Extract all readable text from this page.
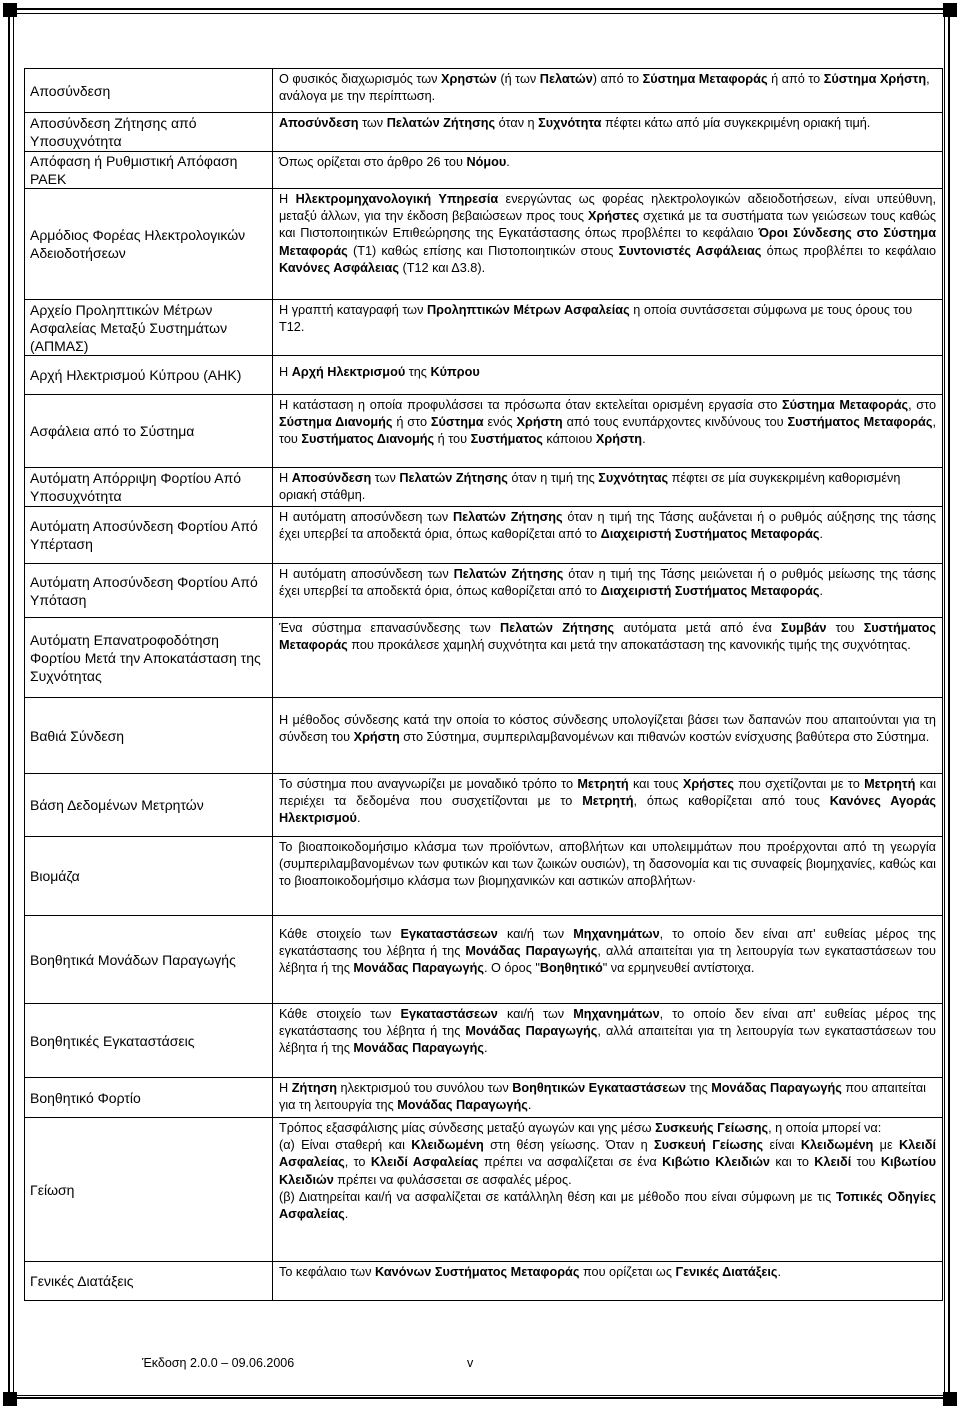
Αποσύνδεση	Ο φυσικός διαχωρισμός των Χρηστών (ή των Πελατών) από το Σύστημα Μεταφοράς ή από το Σύστημα Χρήστη, ανάλογα με την περίπτωση.

Αποσύνδεση Ζήτησης από Υποσυχνότητα	Αποσύνδεση των Πελατών Ζήτησης όταν η Συχνότητα πέφτει κάτω από μία συγκεκριμένη οριακή τιμή.

Απόφαση ή Ρυθμιστική Απόφαση ΡΑΕΚ	Όπως ορίζεται στο άρθρο 26 του Νόμου.

Αρμόδιος Φορέας Ηλεκτρολογικών Αδειοδοτήσεων	Η Ηλεκτρομηχανολογική Υπηρεσία ενεργώντας ως φορέας ηλεκτρολογικών αδειοδοτήσεων, είναι υπεύθυνη, μεταξύ άλλων, για την έκδοση βεβαιώσεων προς τους Χρήστες σχετικά με τα συστήματα των γειώσεων τους καθώς και Πιστοποιητικών Επιθεώρησης της Εγκατάστασης όπως προβλέπει το κεφάλαιο Όροι Σύνδεσης στο Σύστημα Μεταφοράς (Τ1) καθώς επίσης και Πιστοποιητικών στους Συντονιστές Ασφάλειας όπως προβλέπει το κεφάλαιο Κανόνες Ασφάλειας (Τ12 και Δ3.8).

Αρχείο Προληπτικών Μέτρων Ασφαλείας Μεταξύ Συστημάτων (ΑΠΜΑΣ)	Η γραπτή καταγραφή των Προληπτικών Μέτρων Ασφαλείας η οποία συντάσσεται σύμφωνα με τους όρους του Τ12.

Αρχή Ηλεκτρισμού Κύπρου (ΑΗΚ)	Η Αρχή Ηλεκτρισμού της Κύπρου

Ασφάλεια από το Σύστημα	Η κατάσταση η οποία προφυλάσσει τα πρόσωπα όταν εκτελείται ορισμένη εργασία στο Σύστημα Μεταφοράς, στο Σύστημα Διανομής ή στο Σύστημα ενός Χρήστη από τους ενυπάρχοντες κινδύνους του Συστήματος Μεταφοράς, του Συστήματος Διανομής ή του Συστήματος κάποιου Χρήστη.

Αυτόματη Απόρριψη Φορτίου Από Υποσυχνότητα	Η Αποσύνδεση των Πελατών Ζήτησης όταν η τιμή της Συχνότητας πέφτει σε μία συγκεκριμένη καθορισμένη οριακή στάθμη.

Αυτόματη Αποσύνδεση Φορτίου Από Υπέρταση	Η αυτόματη αποσύνδεση των Πελατών Ζήτησης όταν η τιμή της Τάσης αυξάνεται ή ο ρυθμός αύξησης της τάσης έχει υπερβεί τα αποδεκτά όρια, όπως καθορίζεται από το Διαχειριστή Συστήματος Μεταφοράς.

Αυτόματη Αποσύνδεση Φορτίου Από Υπόταση	Η αυτόματη αποσύνδεση των Πελατών Ζήτησης όταν η τιμή της Τάσης μειώνεται ή ο ρυθμός μείωσης της τάσης έχει υπερβεί τα αποδεκτά όρια, όπως καθορίζεται από το Διαχειριστή Συστήματος Μεταφοράς.

Αυτόματη Επανατροφοδότηση Φορτίου Μετά την Αποκατάσταση της Συχνότητας	Ένα σύστημα επανασύνδεσης των Πελατών Ζήτησης αυτόματα μετά από ένα Συμβάν του Συστήματος Μεταφοράς που προκάλεσε χαμηλή συχνότητα και μετά την αποκατάσταση της κανονικής τιμής της συχνότητας.

Βαθιά Σύνδεση	Η μέθοδος σύνδεσης κατά την οποία το κόστος σύνδεσης υπολογίζεται βάσει των δαπανών που απαιτούνται για τη σύνδεση του Χρήστη στο Σύστημα, συμπεριλαμβανομένων και πιθανών κοστών ενίσχυσης βαθύτερα στο Σύστημα.

Βάση Δεδομένων Μετρητών	Το σύστημα που αναγνωρίζει με μοναδικό τρόπο το Μετρητή και τους Χρήστες που σχετίζονται με το Μετρητή και περιέχει τα δεδομένα που συσχετίζονται με το Μετρητή, όπως καθορίζεται από τους Κανόνες Αγοράς Ηλεκτρισμού.

Βιομάζα	Το βιοαποικοδομήσιμο κλάσμα των προϊόντων, αποβλήτων και υπολειμμάτων που προέρχονται από τη γεωργία (συμπεριλαμβανομένων των φυτικών και των ζωικών ουσιών), τη δασονομία και τις συναφείς βιομηχανίες, καθώς και το βιοαποικοδομήσιμο κλάσμα των βιομηχανικών και αστικών αποβλήτων·

Βοηθητικά Μονάδων Παραγωγής	Κάθε στοιχείο των Εγκαταστάσεων και/ή των Μηχανημάτων, το οποίο δεν είναι απ' ευθείας μέρος της εγκατάστασης του λέβητα ή της Μονάδας Παραγωγής, αλλά απαιτείται για τη λειτουργία των εγκαταστάσεων του λέβητα ή της Μονάδας Παραγωγής. Ο όρος "Βοηθητικό" να ερμηνευθεί αντίστοιχα.

Βοηθητικές Εγκαταστάσεις	Κάθε στοιχείο των Εγκαταστάσεων και/ή των Μηχανημάτων, το οποίο δεν είναι απ' ευθείας μέρος της εγκατάστασης του λέβητα ή της Μονάδας Παραγωγής, αλλά απαιτείται για τη λειτουργία των εγκαταστάσεων του λέβητα ή της Μονάδας Παραγωγής.

Βοηθητικό Φορτίο	Η Ζήτηση ηλεκτρισμού του συνόλου των Βοηθητικών Εγκαταστάσεων της Μονάδας Παραγωγής που απαιτείται για τη λειτουργία της Μονάδας Παραγωγής.

Γείωση	Τρόπος εξασφάλισης μίας σύνδεσης μεταξύ αγωγών και γης μέσω Συσκευής Γείωσης, η οποία μπορεί να:

(α) Είναι σταθερή και Κλειδωμένη στη θέση γείωσης. Όταν η Συσκευή Γείωσης είναι Κλειδωμένη με Κλειδί Ασφαλείας, το Κλειδί Ασφαλείας πρέπει να ασφαλίζεται σε ένα Κιβώτιο Κλειδιών και το Κλειδί του Κιβωτίου Κλειδιών πρέπει να φυλάσσεται σε ασφαλές μέρος.

(β) Διατηρείται και/ή να ασφαλίζεται σε κατάλληλη θέση και με μέθοδο που είναι σύμφωνη με τις Τοπικές Οδηγίες Ασφαλείας.

Γενικές Διατάξεις	Το κεφάλαιο των Κανόνων Συστήματος Μεταφοράς που ορίζεται ως Γενικές Διατάξεις.

Έκδοση 2.0.0 – 09.06.2006	v
